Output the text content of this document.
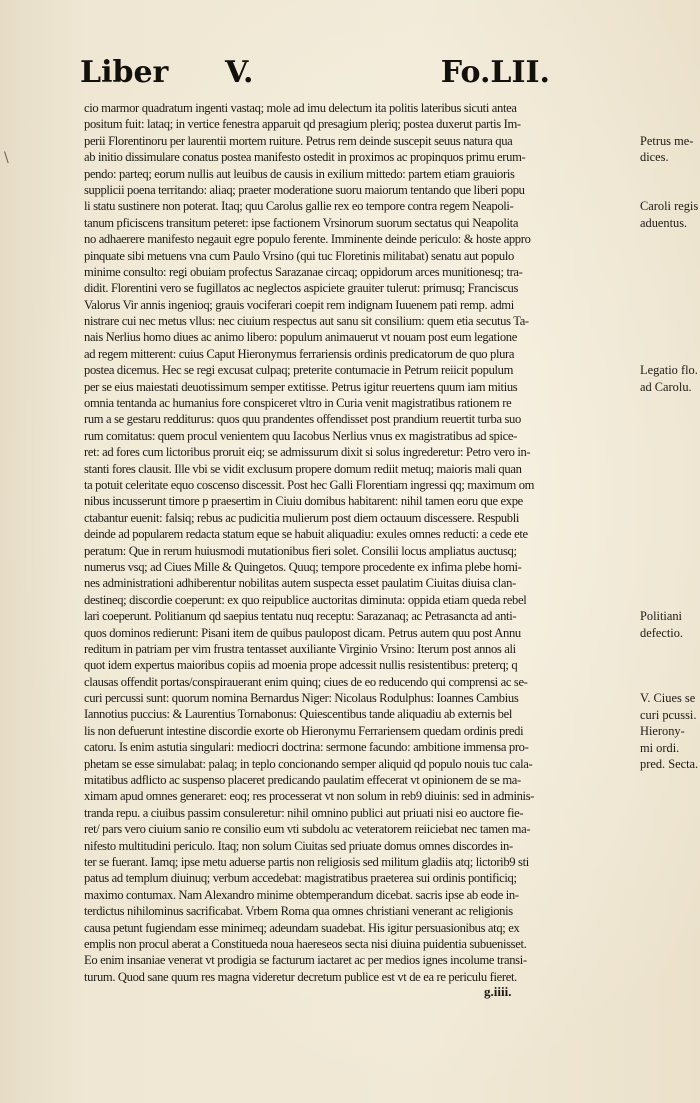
\
Liber V.	Fo.LII.
cio marmor quadratum ingenti vastaq; mole ad imu delectum ita politis lateribus sicuti antea
positum fuit: lataq; in vertice fenestra apparuit qd presagium pleriq; postea duxerut partis Im-
perii Florentinoru per laurentii mortem ruiture. Petrus rem deinde suscepit seuus natura qua
ab initio dissimulare conatus postea manifesto ostedit in proximos ac propinquos primu erum-
pendo: parteq; eorum nullis aut leuibus de causis in exilium mittedo: partem etiam grauioris
supplicii poena territando: aliaq; praeter moderatione suoru maiorum tentando que liberi popu
li statu sustinere non poterat. Itaq; quu Carolus gallie rex eo tempore contra regem Neapoli-
tanum pficiscens transitum peteret: ipse factionem Vrsinorum suorum sectatus qui Neapolita
no adhaerere manifesto negauit egre populo ferente. Imminente deinde periculo: & hoste appro
pinquate sibi metuens vna cum Paulo Vrsino (qui tuc Floretinis militabat) senatu aut populo
minime consulto: regi obuiam profectus Sarazanae circaq; oppidorum arces munitionesq; tra-
didit. Florentini vero se fugillatos ac neglectos aspiciete grauiter tulerut: primusq; Franciscus
Valorus Vir annis ingenioq; grauis vociferari coepit rem indignam Iuuenem pati remp. admi
nistrare cui nec metus vllus: nec ciuium respectus aut sanu sit consilium: quem etia secutus Ta-
nais Nerlius homo diues ac animo libero: populum animauerut vt nouam post eum legatione
ad regem mitterent: cuius Caput Hieronymus ferrariensis ordinis predicatorum de quo plura
postea dicemus. Hec se regi excusat culpaq; preterite contumacie in Petrum reiicit populum
per se eius maiestati deuotissimum semper extitisse. Petrus igitur reuertens quum iam mitius
omnia tentanda ac humanius fore conspiceret vltro in Curia venit magistratibus rationem re
rum a se gestaru redditurus: quos quu prandentes offendisset post prandium reuertit turba suo
rum comitatus: quem procul venientem quu Iacobus Nerlius vnus ex magistratibus ad spice-
ret: ad fores cum lictoribus proruit eiq; se admissurum dixit si solus ingrederetur: Petro vero in-
stanti fores clausit. Ille vbi se vidit exclusum propere domum rediit metuq; maioris mali quan
ta potuit celeritate equo coscenso discessit. Post hec Galli Florentiam ingressi qq; maximum om
nibus incusserunt timore p praesertim in Ciuiu domibus habitarent: nihil tamen eoru que expe
ctabantur euenit: falsiq; rebus ac pudicitia mulierum post diem octauum discessere. Respubli
deinde ad popularem redacta statum eque se habuit aliquadiu: exules omnes reducti: a cede ete
peratum: Que in rerum huiusmodi mutationibus fieri solet. Consilii locus ampliatus auctusq;
numerus vsq; ad Ciues Mille & Quingetos. Quuq; tempore procedente ex infima plebe homi-
nes administrationi adhiberentur nobilitas autem suspecta esset paulatim Ciuitas diuisa clan-
destineq; discordie coeperunt: ex quo reipublice auctoritas diminuta: oppida etiam queda rebel
lari coeperunt. Politianum qd saepius tentatu nuq receptu: Sarazanaq; ac Petrasancta ad anti-
quos dominos redierunt: Pisani item de quibus paulopost dicam. Petrus autem quu post Annu
reditum in patriam per vim frustra tentasset auxiliante Virginio Vrsino: Iterum post annos ali
quot idem expertus maioribus copiis ad moenia prope adcessit nullis resistentibus: preterq; q
clausas offendit portas/conspirauerant enim quinq; ciues de eo reducendo qui comprensi ac se-
curi percussi sunt: quorum nomina Bernardus Niger: Nicolaus Rodulphus: Ioannes Cambius
Iannotius puccius: & Laurentius Tornabonus: Quiescentibus tande aliquadiu ab externis bel
lis non defuerunt intestine discordie exorte ob Hieronymu Ferrariensem quedam ordinis predi
catoru. Is enim astutia singulari: mediocri doctrina: sermone facundo: ambitione immensa pro-
phetam se esse simulabat: palaq; in teplo concionando semper aliquid qd populo nouis tuc cala-
mitatibus adflicto ac suspenso placeret predicando paulatim effecerat vt opinionem de se ma-
ximam apud omnes generaret: eoq; res processerat vt non solum in reb9 diuinis: sed in adminis-
tranda repu. a ciuibus passim consuleretur: nihil omnino publici aut priuati nisi eo auctore fie-
ret/ pars vero ciuium sanio re consilio eum vti subdolu ac veteratorem reiiciebat nec tamen ma-
nifesto multitudini periculo. Itaq; non solum Ciuitas sed priuate domus omnes discordes in-
ter se fuerant. Iamq; ipse metu aduerse partis non religiosis sed militum gladiis atq; lictorib9 sti
patus ad templum diuinuq; verbum accedebat: magistratibus praeterea sui ordinis pontificiq;
maximo contumax. Nam Alexandro minime obtemperandum dicebat. sacris ipse ab eode in-
terdictus nihilominus sacrificabat. Vrbem Roma qua omnes christiani venerant ac religionis
causa petunt fugiendam esse minimeq; adeundam suadebat. His igitur persuasionibus atq; ex
emplis non procul aberat a Constitueda noua haereseos secta nisi diuina puidentia subuenisset.
Eo enim insaniae venerat vt prodigia se facturum iactaret ac per medios ignes incolume transi-
turum. Quod sane quum res magna videretur decretum publice est vt de ea re periculu fieret.
Petrus me-
dices.
Caroli regis
aduentus.
Legatio flo.
ad Carolu.
Politiani
defectio.
V. Ciues se
curi pcussi.
Hierony-
mi ordi.
pred. Secta.
g.iiii.
